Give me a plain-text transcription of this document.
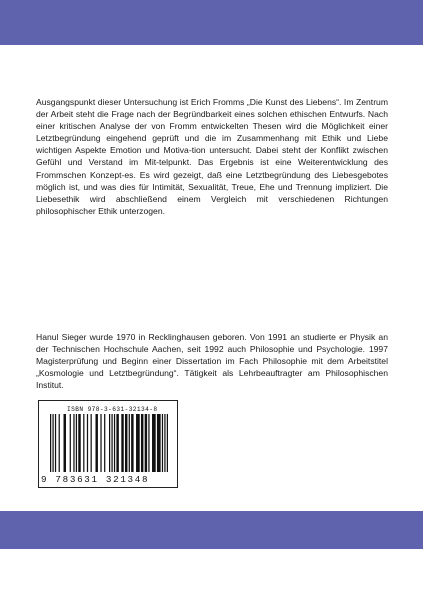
Ausgangspunkt dieser Untersuchung ist Erich Fromms „Die Kunst des Liebens“. Im Zentrum der Arbeit steht die Frage nach der Begründbarkeit eines solchen ethischen Entwurfs. Nach einer kritischen Analyse der von Fromm entwickelten Thesen wird die Möglichkeit einer Letztbegründung eingehend geprüft und die im Zusammenhang mit Ethik und Liebe wichtigen Aspekte Emotion und Motiva-tion untersucht. Dabei steht der Konflikt zwischen Gefühl und Verstand im Mit-telpunkt. Das Ergebnis ist eine Weiterentwicklung des Frommschen Konzept-es. Es wird gezeigt, daß eine Letztbegründung des Liebesgebotes möglich ist, und was dies für Intimität, Sexualität, Treue, Ehe und Trennung impliziert. Die Liebesethik wird abschließend einem Vergleich mit verschiedenen Richtungen philosophischer Ethik unterzogen.
Hanul Sieger wurde 1970 in Recklinghausen geboren. Von 1991 an studierte er Physik an der Technischen Hochschule Aachen, seit 1992 auch Philosophie und Psychologie. 1997 Magisterprüfung und Beginn einer Dissertation im Fach Philosophie mit dem Arbeitstitel „Kosmologie und Letztbegründung“. Tätigkeit als Lehrbeauftragter am Philosophischen Institut.
ISBN 978-3-631-32134-8
9 783631 321348
